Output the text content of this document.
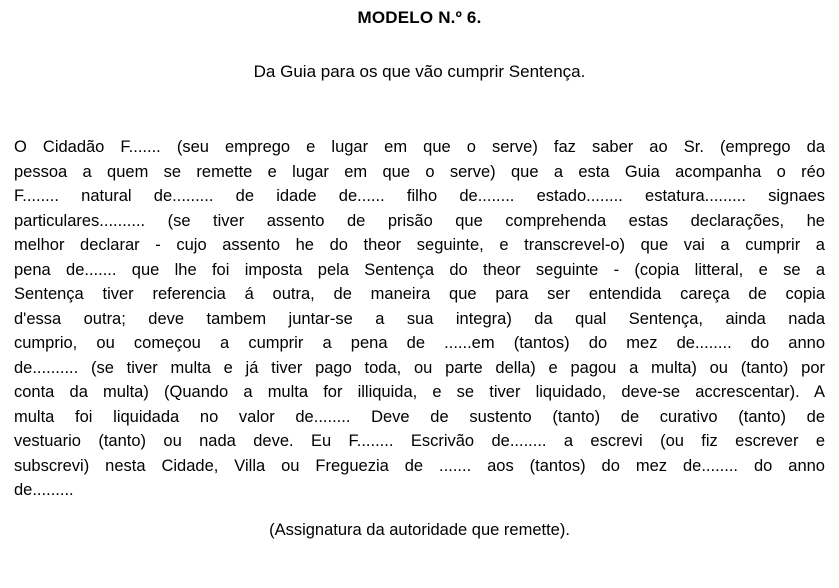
MODELO N.º 6.
Da Guia para os que vão cumprir Sentença.
O Cidadão F....... (seu emprego e lugar em que o serve) faz saber ao Sr. (emprego da
pessoa a quem se remette e lugar em que o serve) que a esta Guia acompanha o réo
F........ natural de......... de idade de...... filho de........ estado........ estatura......... signaes
particulares.......... (se tiver assento de prisão que comprehenda estas declarações, he
melhor declarar - cujo assento he do theor seguinte, e transcrevel-o) que vai a cumprir a
pena de....... que lhe foi imposta pela Sentença do theor seguinte - (copia litteral, e se a
Sentença tiver referencia á outra, de maneira que para ser entendida careça de copia
d'essa outra; deve tambem juntar-se a sua integra) da qual Sentença, ainda nada
cumprio, ou começou a cumprir a pena de ......em (tantos) do mez de........ do anno
de.......... (se tiver multa e já tiver pago toda, ou parte della) e pagou a multa) ou (tanto) por
conta da multa) (Quando a multa for illiquida, e se tiver liquidado, deve-se accrescentar). A
multa foi liquidada no valor de........ Deve de sustento (tanto) de curativo (tanto) de
vestuario (tanto) ou nada deve. Eu F........ Escrivão de........ a escrevi (ou fiz escrever e
subscrevi) nesta Cidade, Villa ou Freguezia de ....... aos (tantos) do mez de........ do anno
de.........
(Assignatura da autoridade que remette).
